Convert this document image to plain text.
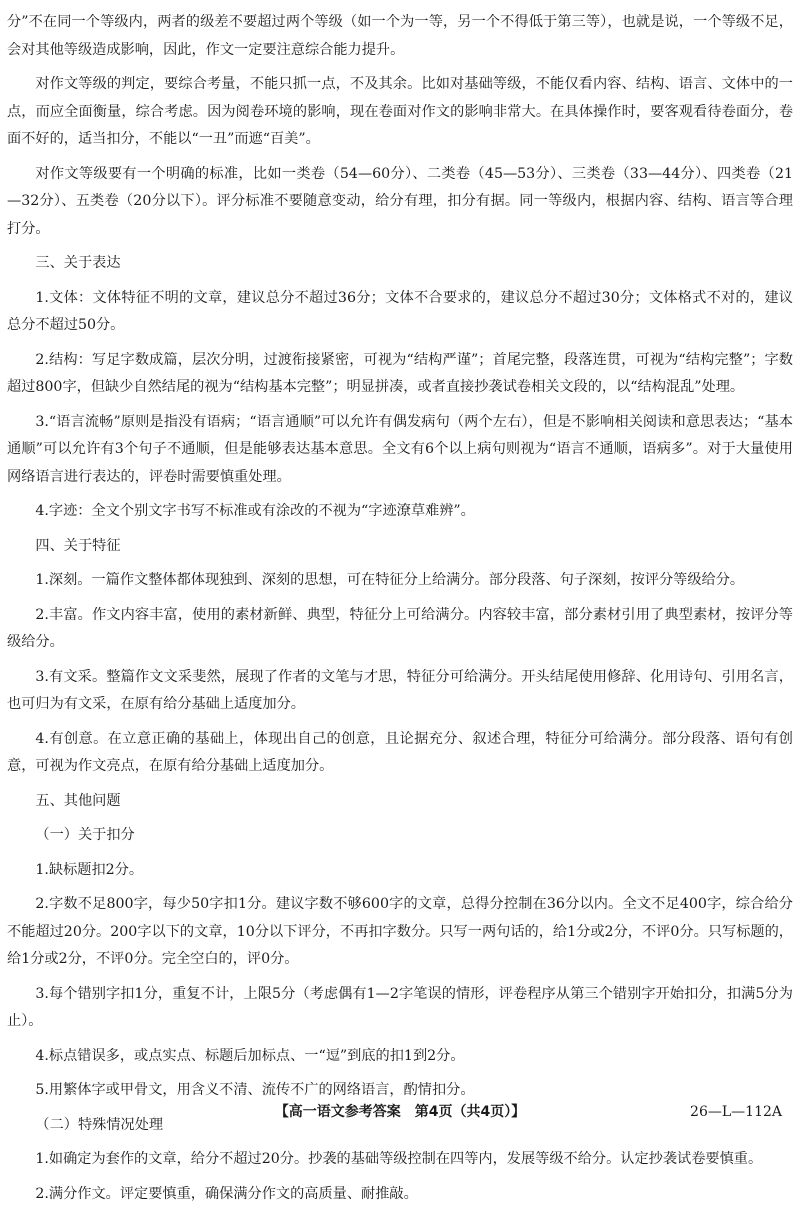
分”不在同一个等级内，两者的级差不要超过两个等级（如一个为一等，另一个不得低于第三等），也就是说，一个等级不足，会对其他等级造成影响，因此，作文一定要注意综合能力提升。

对作文等级的判定，要综合考量，不能只抓一点，不及其余。比如对基础等级，不能仅看内容、结构、语言、文体中的一点，而应全面衡量，综合考虑。因为阅卷环境的影响，现在卷面对作文的影响非常大。在具体操作时，要客观看待卷面分，卷面不好的，适当扣分，不能以“一丑”而遮“百美”。

对作文等级要有一个明确的标准，比如一类卷（54—60分）、二类卷（45—53分）、三类卷（33—44分）、四类卷（21—32分）、五类卷（20分以下）。评分标准不要随意变动，给分有理，扣分有据。同一等级内，根据内容、结构、语言等合理打分。

三、关于表达

1.文体：文体特征不明的文章，建议总分不超过36分；文体不合要求的，建议总分不超过30分；文体格式不对的，建议总分不超过50分。

2.结构：写足字数成篇，层次分明，过渡衔接紧密，可视为“结构严谨”；首尾完整，段落连贯，可视为“结构完整”；字数超过800字，但缺少自然结尾的视为“结构基本完整”；明显拼凑，或者直接抄袭试卷相关文段的，以“结构混乱”处理。

3.“语言流畅”原则是指没有语病；“语言通顺”可以允许有偶发病句（两个左右），但是不影响相关阅读和意思表达；“基本通顺”可以允许有3个句子不通顺，但是能够表达基本意思。全文有6个以上病句则视为“语言不通顺，语病多”。对于大量使用网络语言进行表达的，评卷时需要慎重处理。

4.字迹：全文个别文字书写不标准或有涂改的不视为“字迹潦草难辨”。

四、关于特征

1.深刻。一篇作文整体都体现独到、深刻的思想，可在特征分上给满分。部分段落、句子深刻，按评分等级给分。

2.丰富。作文内容丰富，使用的素材新鲜、典型，特征分上可给满分。内容较丰富，部分素材引用了典型素材，按评分等级给分。

3.有文采。整篇作文文采斐然，展现了作者的文笔与才思，特征分可给满分。开头结尾使用修辞、化用诗句、引用名言，也可归为有文采，在原有给分基础上适度加分。

4.有创意。在立意正确的基础上，体现出自己的创意，且论据充分、叙述合理，特征分可给满分。部分段落、语句有创意，可视为作文亮点，在原有给分基础上适度加分。

五、其他问题

（一）关于扣分

1.缺标题扣2分。

2.字数不足800字，每少50字扣1分。建议字数不够600字的文章，总得分控制在36分以内。全文不足400字，综合给分不能超过20分。200字以下的文章，10分以下评分，不再扣字数分。只写一两句话的，给1分或2分，不评0分。只写标题的，给1分或2分，不评0分。完全空白的，评0分。

3.每个错别字扣1分，重复不计，上限5分（考虑偶有1—2字笔误的情形，评卷程序从第三个错别字开始扣分，扣满5分为止）。

4.标点错误多，或点实点、标题后加标点、一“逗”到底的扣1到2分。

5.用繁体字或甲骨文，用含义不清、流传不广的网络语言，酌情扣分。

（二）特殊情况处理

1.如确定为套作的文章，给分不超过20分。抄袭的基础等级控制在四等内，发展等级不给分。认定抄袭试卷要慎重。

2.满分作文。评定要慎重，确保满分作文的高质量、耐推敲。

【高一语文参考答案　第4页（共4页）】	26—L—112A
